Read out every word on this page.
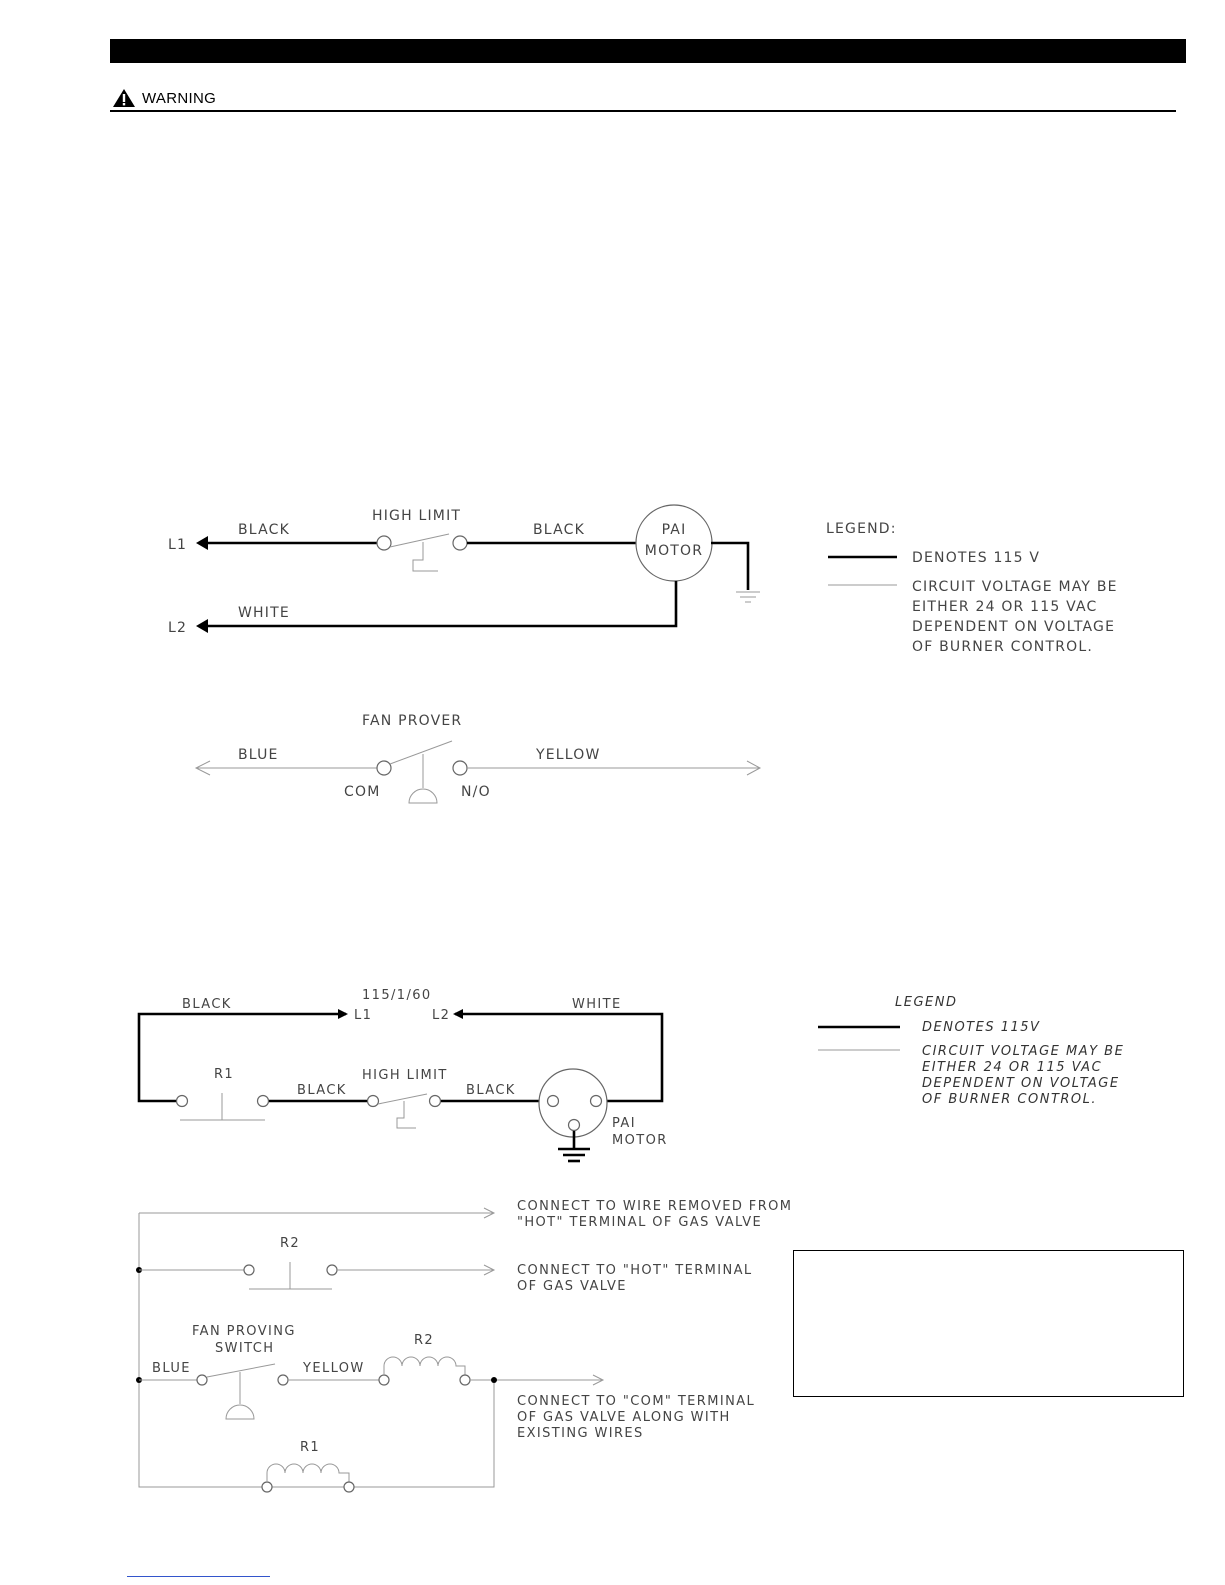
WARNING
L1
BLACK
HIGH LIMIT
BLACK	PAI
MOTOR
L2
WHITE
BLUE
FAN PROVER
COM	N/O
YELLOW
LEGEND:
DENOTES 115 V
CIRCUIT VOLTAGE MAY BE
EITHER 24 OR 115 VAC
DEPENDENT ON VOLTAGE
OF BURNER CONTROL.
115/1/60
L1	L2
BLACK	WHITE
R1
BLACK
HIGH LIMIT
BLACK
PAI
MOTOR
CONNECT TO WIRE REMOVED FROM
"HOT" TERMINAL OF GAS VALVE
R2
CONNECT TO "HOT" TERMINAL
OF GAS VALVE
BLUE
FAN PROVING
SWITCH
YELLOW
R2
CONNECT TO "COM" TERMINAL
OF GAS VALVE ALONG WITH
EXISTING WIRES
R1
LEGEND
DENOTES 115V
CIRCUIT VOLTAGE MAY BE
EITHER 24 OR 115 VAC
DEPENDENT ON VOLTAGE
OF BURNER CONTROL.
